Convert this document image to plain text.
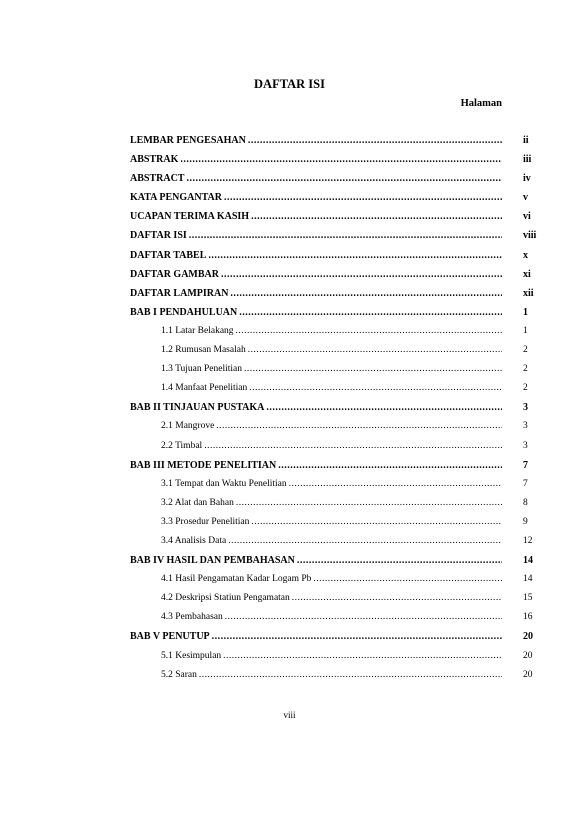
DAFTAR ISI
Halaman
LEMBAR PENGESAHAN .....	ii
ABSTRAK .....	iii
ABSTRACT .....	iv
KATA PENGANTAR .....	v
UCAPAN TERIMA KASIH .....	vi
DAFTAR ISI .....	viii
DAFTAR TABEL .....	x
DAFTAR GAMBAR .....	xi
DAFTAR LAMPIRAN .....	xii
BAB I PENDAHULUAN .....	1
1.1 Latar Belakang .....	1
1.2 Rumusan Masalah .....	2
1.3 Tujuan Penelitian .....	2
1.4 Manfaat Penelitian .....	2
BAB II TINJAUAN PUSTAKA .....	3
2.1 Mangrove .....	3
2.2 Timbal .....	3
BAB III METODE PENELITIAN .....	7
3.1 Tempat dan Waktu Penelitian .....	7
3.2 Alat dan Bahan .....	8
3.3 Prosedur Penelitian .....	9
3.4 Analisis Data .....	12
BAB IV HASIL DAN PEMBAHASAN .....	14
4.1 Hasil Pengamatan Kadar Logam Pb .....	14
4.2 Deskripsi Statiun Pengamatan .....	15
4.3 Pembahasan .....	16
BAB V PENUTUP .....	20
5.1 Kesimpulan .....	20
5.2 Saran .....	20
viii
